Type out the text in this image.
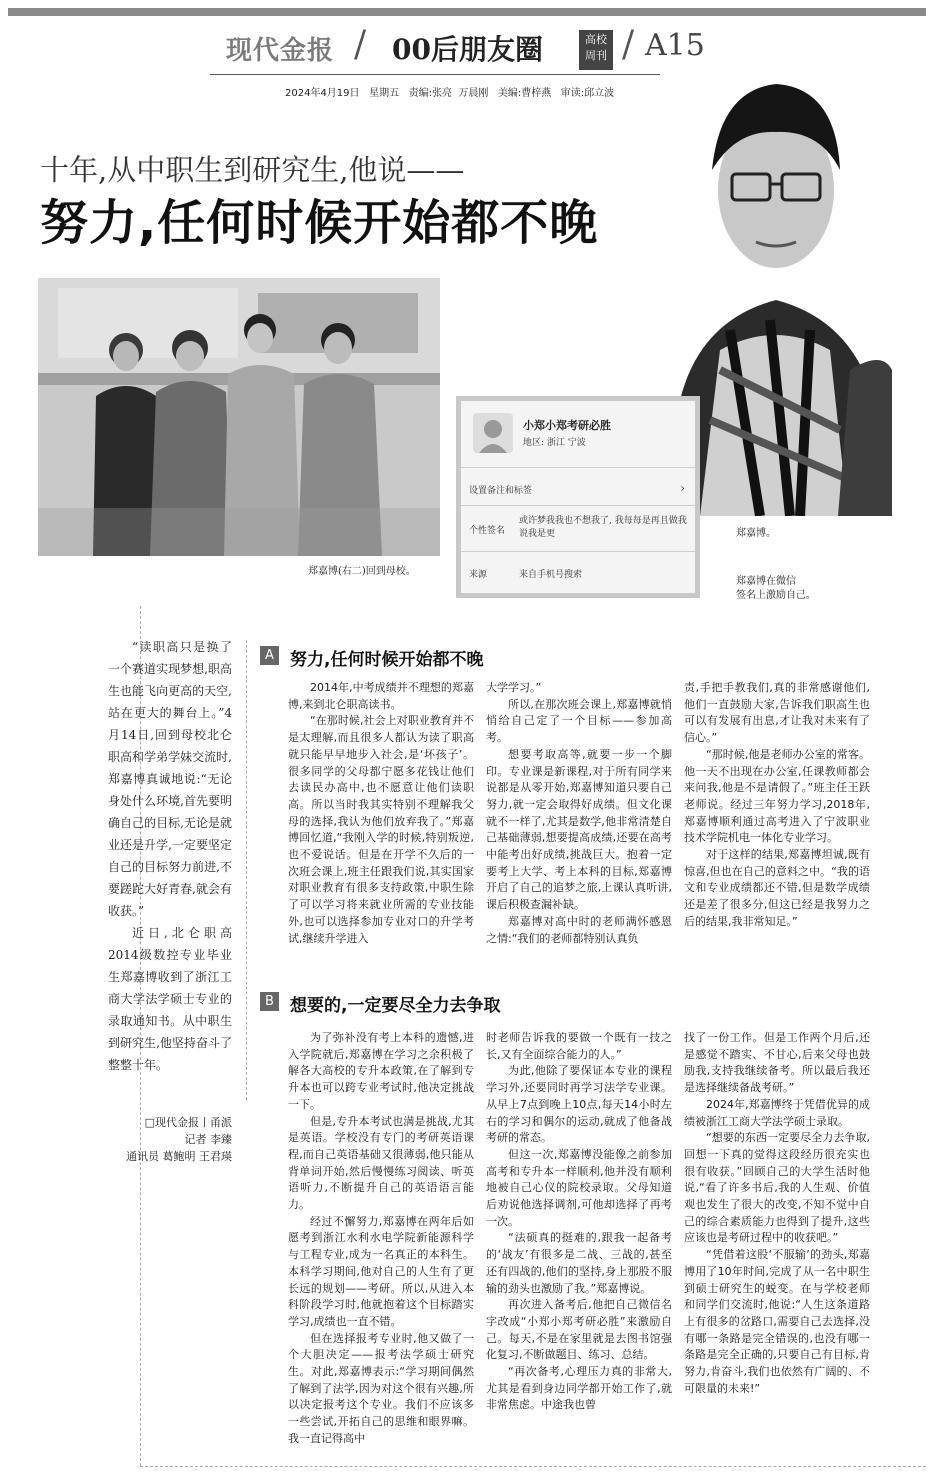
现代金报 / 00后朋友圈	高校
周刊 / A15
2024年4月19日   星期五   责编:张亮  万晨刚   美编:曹梓燕   审读:邱立波
十年,从中职生到研究生,他说——
努力,任何时候开始都不晚
郑嘉博(右二)回到母校。
郑嘉博。
小郑小郑考研必胜
地区: 浙江 宁波
设置备注和标签	›
个性签名
或许梦我我也不想我了, 我每每是再且做我说我是更
来源	来自手机号搜索
郑嘉博在微信
签名上激励自己。

“读职高只是换了一个赛道实现梦想,职高生也能飞向更高的天空,站在更大的舞台上。”4月14日,回到母校北仑职高和学弟学妹交流时,郑嘉博真诚地说:“无论身处什么环境,首先要明确自己的目标,无论是就业还是升学,一定要坚定自己的目标努力前进,不要蹉跎大好青春,就会有收获。”

近日,北仑职高2014级数控专业毕业生郑嘉博收到了浙江工商大学法学硕士专业的录取通知书。从中职生到研究生,他坚持奋斗了整整十年。

□现代金报丨甬派
记者 李臻
通讯员 葛鲍明 王君瑛
A 努力,任何时候开始都不晚

2014年,中考成绩并不理想的郑嘉博,来到北仑职高读书。

“在那时候,社会上对职业教育并不是太理解,而且很多人都认为读了职高就只能早早地步入社会,是‘坏孩子’。很多同学的父母都宁愿多花钱让他们去读民办高中,也不愿意让他们读职高。所以当时我其实特别不理解我父母的选择,我认为他们放弃我了。”郑嘉博回忆道,“我刚入学的时候,特别叛逆,也不爱说话。但是在开学不久后的一次班会课上,班主任跟我们说,其实国家对职业教育有很多支持政策,中职生除了可以学习将来就业所需的专业技能外,也可以选择参加专业对口的升学考试,继续升学进入

大学学习。”

所以,在那次班会课上,郑嘉博就悄悄给自己定了一个目标——参加高考。

想要考取高等,就要一步一个脚印。专业课是新课程,对于所有同学来说都是从零开始,郑嘉博知道只要自己努力,就一定会取得好成绩。但文化课就不一样了,尤其是数学,他非常清楚自己基础薄弱,想要提高成绩,还要在高考中能考出好成绩,挑战巨大。抱着一定要考上大学、考上本科的目标,郑嘉博开启了自己的追梦之旅,上课认真听讲,课后积极查漏补缺。

郑嘉博对高中时的老师满怀感恩之情:“我们的老师都特别认真负

责,手把手教我们,真的非常感谢他们,他们一直鼓励大家,告诉我们职高生也可以有发展有出息,才让我对未来有了信心。”

“那时候,他是老师办公室的常客。他一天不出现在办公室,任课教师都会来问我,他是不是请假了。”班主任王跃老师说。经过三年努力学习,2018年,郑嘉博顺利通过高考进入了宁波职业技术学院机电一体化专业学习。

对于这样的结果,郑嘉博坦诚,既有惊喜,但也在自己的意料之中。“我的语文和专业成绩都还不错,但是数学成绩还是差了很多分,但这已经是我努力之后的结果,我非常知足。”

B 想要的,一定要尽全力去争取

为了弥补没有考上本科的遗憾,进入学院就后,郑嘉博在学习之余积极了解各大高校的专升本政策,在了解到专升本也可以跨专业考试时,他决定挑战一下。

但是,专升本考试也满是挑战,尤其是英语。学校没有专门的考研英语课程,而自己英语基础又很薄弱,他只能从背单词开始,然后慢慢练习阅读、听英语听力,不断提升自己的英语语言能力。

经过不懈努力,郑嘉博在两年后如愿考到浙江水利水电学院新能源科学与工程专业,成为一名真正的本科生。本科学习期间,他对自己的人生有了更长远的规划——考研。所以,从进入本科阶段学习时,他就抱着这个目标踏实学习,成绩也一直不错。

但在选择报考专业时,他又做了一个大胆决定——报考法学硕士研究生。对此,郑嘉博表示:“学习期间偶然了解到了法学,因为对这个很有兴趣,所以决定报考这个专业。我们不应该多一些尝试,开拓自己的思维和眼界嘛。我一直记得高中

时老师告诉我的要做一个既有一技之长,又有全面综合能力的人。”

为此,他除了要保证本专业的课程学习外,还要同时再学习法学专业课。从早上7点到晚上10点,每天14小时左右的学习和偶尔的运动,就成了他备战考研的常态。

但这一次,郑嘉博没能像之前参加高考和专升本一样顺利,他并没有顺利地被自己心仪的院校录取。父母知道后劝说他选择调剂,可他却选择了再考一次。

“法硕真的挺难的,跟我一起备考的‘战友’有很多是二战、三战的,甚至还有四战的,他们的坚持,身上那股不服输的劲头也激励了我。”郑嘉博说。

再次进入备考后,他把自己微信名字改成“小郑小郑考研必胜”来激励自己。每天,不是在家里就是去图书馆强化复习,不断做题目、练习、总结。

“再次备考,心理压力真的非常大,尤其是看到身边同学都开始工作了,就非常焦虑。中途我也曾

找了一份工作。但是工作两个月后,还是感觉不踏实、不甘心,后来父母也鼓励我,支持我继续备考。所以最后我还是选择继续备战考研。”

2024年,郑嘉博终于凭借优异的成绩被浙江工商大学法学硕士录取。

“想要的东西一定要尽全力去争取,回想一下真的觉得这段经历很充实也很有收获。”回顾自己的大学生活时他说,“看了许多书后,我的人生观、价值观也发生了很大的改变,不知不觉中自己的综合素质能力也得到了提升,这些应该也是考研过程中的收获吧。”

“凭借着这股‘不服输’的劲头,郑嘉博用了10年时间,完成了从一名中职生到硕士研究生的蜕变。在与学校老师和同学们交流时,他说:“人生这条道路上有很多的岔路口,需要自己去选择,没有哪一条路是完全错误的,也没有哪一条路是完全正确的,只要自己有目标,肯努力,肯奋斗,我们也依然有广阔的、不可限量的未来!”
